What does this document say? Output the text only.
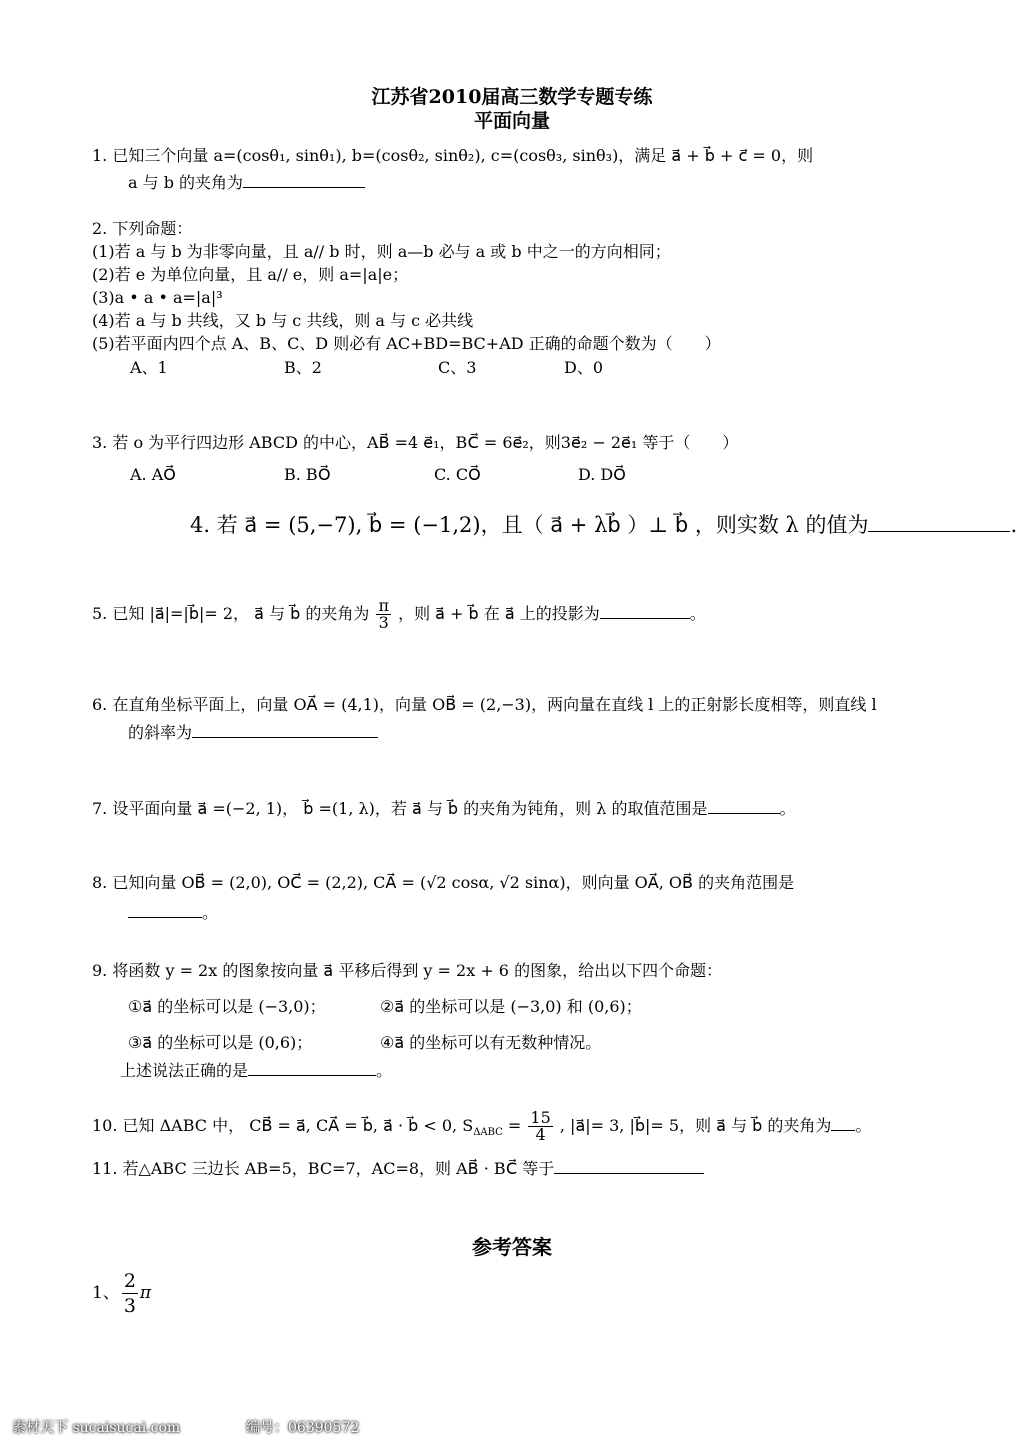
江苏省2010届高三数学专题专练
平面向量
1. 已知三个向量 a=(cosθ₁, sinθ₁), b=(cosθ₂, sinθ₂), c=(cosθ₃, sinθ₃)，满足 a⃗ + b⃗ + c⃗ = 0，则
a 与 b 的夹角为
2. 下列命题：
(1)若 a 与 b 为非零向量，且 a// b 时，则 a—b 必与 a 或 b 中之一的方向相同；
(2)若 e 为单位向量，且 a// e，则 a=|a|e；
(3)a • a • a=|a|³
(4)若 a 与 b 共线，又 b 与 c 共线，则 a 与 c 必共线
(5)若平面内四个点 A、B、C、D 则必有 AC+BD=BC+AD 正确的命题个数为（　　）
A、1	B、2	C、3	D、0
3. 若 o 为平行四边形 ABCD 的中心，AB⃗ =4 e⃗₁，BC⃗ = 6e⃗₂，则3e⃗₂ − 2e⃗₁ 等于（　　）
A. AO⃗	B. BO⃗	C. CO⃗	D. DO⃗
4. 若 a⃗ = (5,−7), b⃗ = (−1,2)，且（ a⃗ + λb⃗ ）⊥ b⃗ ，则实数 λ 的值为	.
5. 已知 |a⃗|=|b⃗|= 2， a⃗ 与 b⃗ 的夹角为 $\frac{\pi}{3}$ ，则 a⃗ + b⃗ 在 a⃗ 上的投影为	。
6. 在直角坐标平面上，向量 OA⃗ = (4,1)，向量 OB⃗ = (2,−3)，两向量在直线 l 上的正射影长度相等，则直线 l
的斜率为
7. 设平面向量 a⃗ =(−2, 1)， b⃗ =(1, λ)，若 a⃗ 与 b⃗ 的夹角为钝角，则 λ 的取值范围是	。
8. 已知向量 OB⃗ = (2,0), OC⃗ = (2,2), CA⃗ = (√2 cosα, √2 sinα)，则向量 OA⃗, OB⃗ 的夹角范围是
。
9. 将函数 y = 2x 的图象按向量 a⃗ 平移后得到 y = 2x + 6 的图象，给出以下四个命题：
①a⃗ 的坐标可以是 (−3,0)；	②a⃗ 的坐标可以是 (−3,0) 和 (0,6)；
③a⃗ 的坐标可以是 (0,6)；	④a⃗ 的坐标可以有无数种情况。
上述说法正确的是	。
10. 已知 ΔABC 中， CB⃗ = a⃗, CA⃗ = b⃗, a⃗ · b⃗ < 0, $S_{\Delta ABC} = \frac{15}{4}$ , |a⃗|= 3, |b⃗|= 5，则 a⃗ 与 b⃗ 的夹角为 。
11. 若△ABC 三边长 AB=5，BC=7，AC=8，则 AB⃗ · BC⃗ 等于
参考答案
1、 $\frac{2}{3}$ π
素材天下 sucaisucai.com	编号：06390572
